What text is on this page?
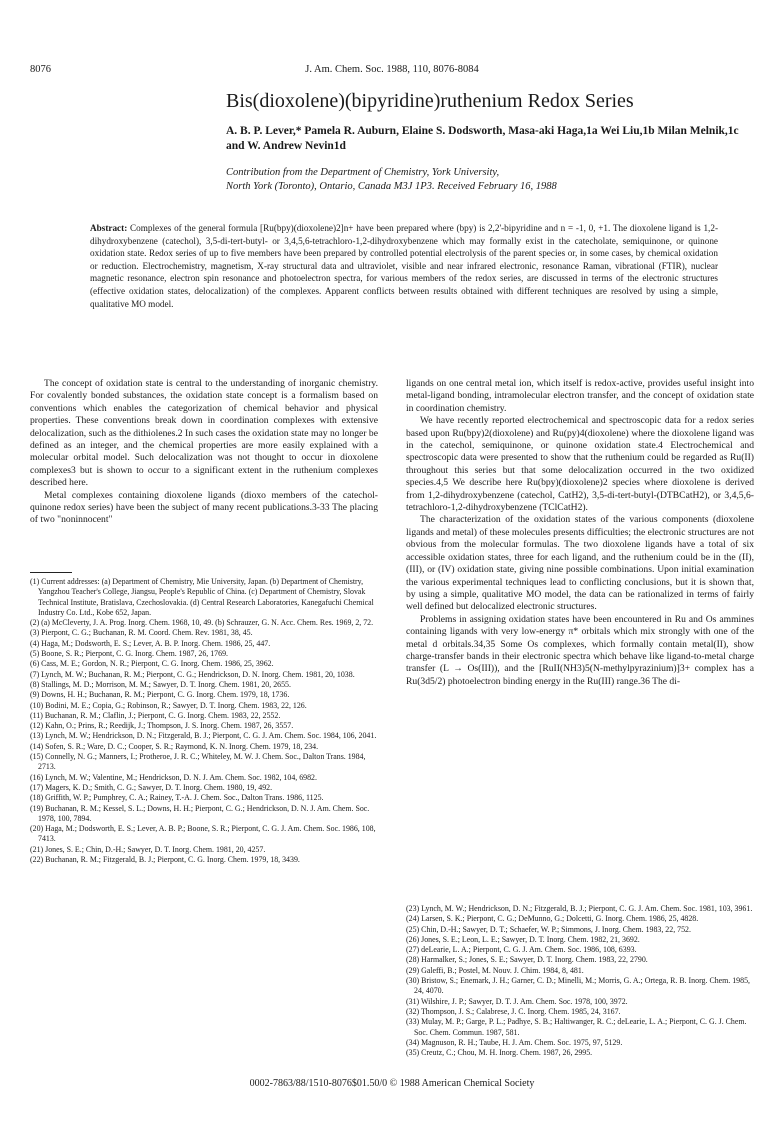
8076	J. Am. Chem. Soc. 1988, 110, 8076-8084
Bis(dioxolene)(bipyridine)ruthenium Redox Series
A. B. P. Lever,* Pamela R. Auburn, Elaine S. Dodsworth, Masa-aki Haga,1a Wei Liu,1b Milan Melnik,1c and W. Andrew Nevin1d
Contribution from the Department of Chemistry, York University,
North York (Toronto), Ontario, Canada M3J 1P3. Received February 16, 1988
Abstract: Complexes of the general formula [Ru(bpy)(dioxolene)2]n+ have been prepared where (bpy) is 2,2'-bipyridine and n = -1, 0, +1. The dioxolene ligand is 1,2-dihydroxybenzene (catechol), 3,5-di-tert-butyl- or 3,4,5,6-tetrachloro-1,2-dihydroxybenzene which may formally exist in the catecholate, semiquinone, or quinone oxidation state. Redox series of up to five members have been prepared by controlled potential electrolysis of the parent species or, in some cases, by chemical oxidation or reduction. Electrochemistry, magnetism, X-ray structural data and ultraviolet, visible and near infrared electronic, resonance Raman, vibrational (FTIR), nuclear magnetic resonance, electron spin resonance and photoelectron spectra, for various members of the redox series, are discussed in terms of the electronic structures (effective oxidation states, delocalization) of the complexes. Apparent conflicts between results obtained with different techniques are resolved by using a simple, qualitative MO model.

The concept of oxidation state is central to the understanding of inorganic chemistry. For covalently bonded substances, the oxidation state concept is a formalism based on conventions which enables the categorization of chemical behavior and physical properties. These conventions break down in coordination complexes with extensive delocalization, such as the dithiolenes.2 In such cases the oxidation state may no longer be defined as an integer, and the chemical properties are more easily explained with a molecular orbital model. Such delocalization was not thought to occur in dioxolene complexes3 but is shown to occur to a significant extent in the ruthenium complexes described here.

Metal complexes containing dioxolene ligands (dioxo members of the catechol-quinone redox series) have been the subject of many recent publications.3-33 The placing of two "noninnocent"

(1) Current addresses: (a) Department of Chemistry, Mie University, Japan. (b) Department of Chemistry, Yangzhou Teacher's College, Jiangsu, People's Republic of China. (c) Department of Chemistry, Slovak Technical Institute, Bratislava, Czechoslovakia. (d) Central Research Laboratories, Kanegafuchi Chemical Industry Co. Ltd., Kobe 652, Japan.
(2) (a) McCleverty, J. A. Prog. Inorg. Chem. 1968, 10, 49. (b) Schrauzer, G. N. Acc. Chem. Res. 1969, 2, 72.
(3) Pierpont, C. G.; Buchanan, R. M. Coord. Chem. Rev. 1981, 38, 45.
(4) Haga, M.; Dodsworth, E. S.; Lever, A. B. P. Inorg. Chem. 1986, 25, 447.
(5) Boone, S. R.; Pierpont, C. G. Inorg. Chem. 1987, 26, 1769.
(6) Cass, M. E.; Gordon, N. R.; Pierpont, C. G. Inorg. Chem. 1986, 25, 3962.
(7) Lynch, M. W.; Buchanan, R. M.; Pierpont, C. G.; Hendrickson, D. N. Inorg. Chem. 1981, 20, 1038.
(8) Stallings, M. D.; Morrison, M. M.; Sawyer, D. T. Inorg. Chem. 1981, 20, 2655.
(9) Downs, H. H.; Buchanan, R. M.; Pierpont, C. G. Inorg. Chem. 1979, 18, 1736.
(10) Bodini, M. E.; Copia, G.; Robinson, R.; Sawyer, D. T. Inorg. Chem. 1983, 22, 126.
(11) Buchanan, R. M.; Claflin, J.; Pierpont, C. G. Inorg. Chem. 1983, 22, 2552.
(12) Kahn, O.; Prins, R.; Reedijk, J.; Thompson, J. S. Inorg. Chem. 1987, 26, 3557.
(13) Lynch, M. W.; Hendrickson, D. N.; Fitzgerald, B. J.; Pierpont, C. G. J. Am. Chem. Soc. 1984, 106, 2041.
(14) Sofen, S. R.; Ware, D. C.; Cooper, S. R.; Raymond, K. N. Inorg. Chem. 1979, 18, 234.
(15) Connelly, N. G.; Manners, I.; Protheroe, J. R. C.; Whiteley, M. W. J. Chem. Soc., Dalton Trans. 1984, 2713.
(16) Lynch, M. W.; Valentine, M.; Hendrickson, D. N. J. Am. Chem. Soc. 1982, 104, 6982.
(17) Magers, K. D.; Smith, C. G.; Sawyer, D. T. Inorg. Chem. 1980, 19, 492.
(18) Griffith, W. P.; Pumphrey, C. A.; Rainey, T.-A. J. Chem. Soc., Dalton Trans. 1986, 1125.
(19) Buchanan, R. M.; Kessel, S. L.; Downs, H. H.; Pierpont, C. G.; Hendrickson, D. N. J. Am. Chem. Soc. 1978, 100, 7894.
(20) Haga, M.; Dodsworth, E. S.; Lever, A. B. P.; Boone, S. R.; Pierpont, C. G. J. Am. Chem. Soc. 1986, 108, 7413.
(21) Jones, S. E.; Chin, D.-H.; Sawyer, D. T. Inorg. Chem. 1981, 20, 4257.
(22) Buchanan, R. M.; Fitzgerald, B. J.; Pierpont, C. G. Inorg. Chem. 1979, 18, 3439.

ligands on one central metal ion, which itself is redox-active, provides useful insight into metal-ligand bonding, intramolecular electron transfer, and the concept of oxidation state in coordination chemistry.

We have recently reported electrochemical and spectroscopic data for a redox series based upon Ru(bpy)2(dioxolene) and Ru(py)4(dioxolene) where the dioxolene ligand was in the catechol, semiquinone, or quinone oxidation state.4 Electrochemical and spectroscopic data were presented to show that the ruthenium could be regarded as Ru(II) throughout this series but that some delocalization occurred in the two oxidized species.4,5 We describe here Ru(bpy)(dioxolene)2 species where dioxolene is derived from 1,2-dihydroxybenzene (catechol, CatH2), 3,5-di-tert-butyl-(DTBCatH2), or 3,4,5,6-tetrachloro-1,2-dihydroxybenzene (TClCatH2).

The characterization of the oxidation states of the various components (dioxolene ligands and metal) of these molecules presents difficulties; the electronic structures are not obvious from the molecular formulas. The two dioxolene ligands have a total of six accessible oxidation states, three for each ligand, and the ruthenium could be in the (II), (III), or (IV) oxidation state, giving nine possible combinations. Upon initial examination the various experimental techniques lead to conflicting conclusions, but it is shown that, by using a simple, qualitative MO model, the data can be rationalized in terms of fairly well defined but delocalized electronic structures.

Problems in assigning oxidation states have been encountered in Ru and Os ammines containing ligands with very low-energy π* orbitals which mix strongly with one of the metal d orbitals.34,35 Some Os complexes, which formally contain metal(II), show charge-transfer bands in their electronic spectra which behave like ligand-to-metal charge transfer (L → Os(III)), and the [RuII(NH3)5(N-methylpyrazinium)]3+ complex has a Ru(3d5/2) photoelectron binding energy in the Ru(III) range.36 The di-

(23) Lynch, M. W.; Hendrickson, D. N.; Fitzgerald, B. J.; Pierpont, C. G. J. Am. Chem. Soc. 1981, 103, 3961.
(24) Larsen, S. K.; Pierpont, C. G.; DeMunno, G.; Dolcetti, G. Inorg. Chem. 1986, 25, 4828.
(25) Chin, D.-H.; Sawyer, D. T.; Schaefer, W. P.; Simmons, J. Inorg. Chem. 1983, 22, 752.
(26) Jones, S. E.; Leon, L. E.; Sawyer, D. T. Inorg. Chem. 1982, 21, 3692.
(27) deLearie, L. A.; Pierpont, C. G. J. Am. Chem. Soc. 1986, 108, 6393.
(28) Harmalker, S.; Jones, S. E.; Sawyer, D. T. Inorg. Chem. 1983, 22, 2790.
(29) Galeffi, B.; Postel, M. Nouv. J. Chim. 1984, 8, 481.
(30) Bristow, S.; Enemark, J. H.; Garner, C. D.; Minelli, M.; Morris, G. A.; Ortega, R. B. Inorg. Chem. 1985, 24, 4070.
(31) Wilshire, J. P.; Sawyer, D. T. J. Am. Chem. Soc. 1978, 100, 3972.
(32) Thompson, J. S.; Calabrese, J. C. Inorg. Chem. 1985, 24, 3167.
(33) Mulay, M. P.; Garge, P. L.; Padhye, S. B.; Haltiwanger, R. C.; deLearie, L. A.; Pierpont, C. G. J. Chem. Soc. Chem. Commun. 1987, 581.
(34) Magnuson, R. H.; Taube, H. J. Am. Chem. Soc. 1975, 97, 5129.
(35) Creutz, C.; Chou, M. H. Inorg. Chem. 1987, 26, 2995.
0002-7863/88/1510-8076$01.50/0 © 1988 American Chemical Society
